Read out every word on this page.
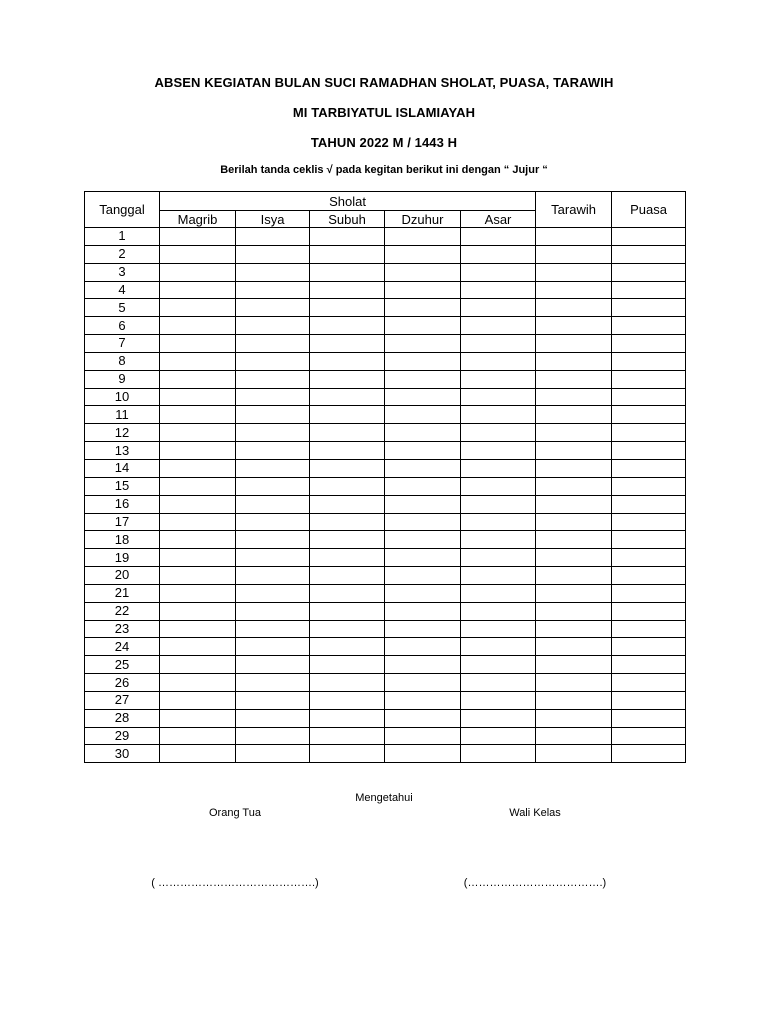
ABSEN KEGIATAN BULAN SUCI RAMADHAN SHOLAT, PUASA, TARAWIH
MI TARBIYATUL ISLAMIAYAH
TAHUN 2022 M / 1443 H
Berilah tanda ceklis √ pada kegitan berikut ini dengan “ Jujur “
Tanggal	Sholat					Tarawih	Puasa
	Magrib	Isya	Subuh	Dzuhur	Asar		
1							
2							
3							
4							
5							
6							
7							
8							
9							
10							
11							
12							
13							
14							
15							
16							
17							
18							
19							
20							
21							
22							
23							
24							
25							
26							
27							
28							
29							
30							
Mengetahui
Orang Tua	Wali Kelas
( …………………………………….)	(……………………………….)
